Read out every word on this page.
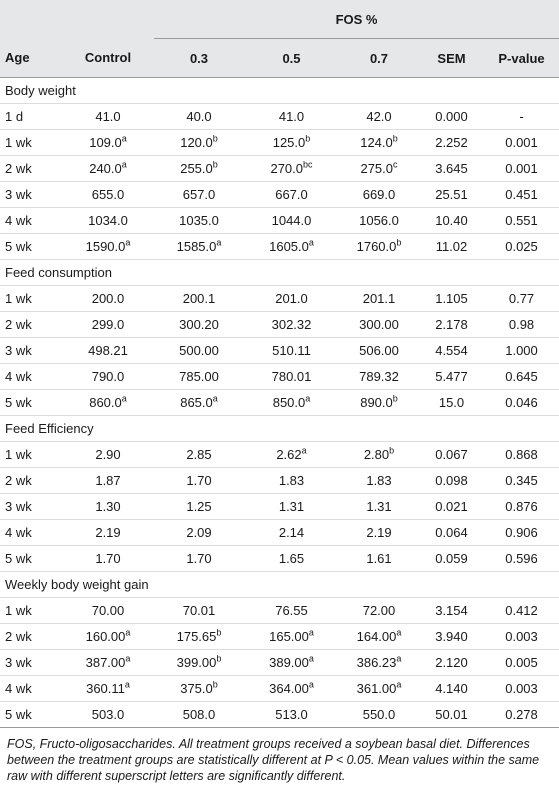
		FOS %				
Age	Control	0.3	0.5	0.7	SEM	P-value
Body weight						
1 d	41.0	40.0	41.0	42.0	0.000	-
1 wk	109.0$^a$	120.0$^b$	125.0$^b$	124.0$^b$	2.252	0.001
2 wk	240.0$^a$	255.0$^b$	270.0$^{bc}$	275.0$^c$	3.645	0.001
3 wk	655.0	657.0	667.0	669.0	25.51	0.451
4 wk	1034.0	1035.0	1044.0	1056.0	10.40	0.551
5 wk	1590.0$^a$	1585.0$^a$	1605.0$^a$	1760.0$^b$	11.02	0.025
Feed consumption						
1 wk	200.0	200.1	201.0	201.1	1.105	0.77
2 wk	299.0	300.20	302.32	300.00	2.178	0.98
3 wk	498.21	500.00	510.11	506.00	4.554	1.000
4 wk	790.0	785.00	780.01	789.32	5.477	0.645
5 wk	860.0$^a$	865.0$^a$	850.0$^a$	890.0$^b$	15.0	0.046
Feed Efficiency						
1 wk	2.90	2.85	2.62$^a$	2.80$^b$	0.067	0.868
2 wk	1.87	1.70	1.83	1.83	0.098	0.345
3 wk	1.30	1.25	1.31	1.31	0.021	0.876
4 wk	2.19	2.09	2.14	2.19	0.064	0.906
5 wk	1.70	1.70	1.65	1.61	0.059	0.596
Weekly body weight gain						
1 wk	70.00	70.01	76.55	72.00	3.154	0.412
2 wk	160.00$^a$	175.65$^b$	165.00$^a$	164.00$^a$	3.940	0.003
3 wk	387.00$^a$	399.00$^b$	389.00$^a$	386.23$^a$	2.120	0.005
4 wk	360.11$^a$	375.0$^b$	364.00$^a$	361.00$^a$	4.140	0.003
5 wk	503.0	508.0	513.0	550.0	50.01	0.278
FOS, Fructo-oligosaccharides. All treatment groups received a soybean basal diet. Differences between the treatment groups are statistically different at P < 0.05. Mean values within the same raw with different superscript letters are significantly different.
